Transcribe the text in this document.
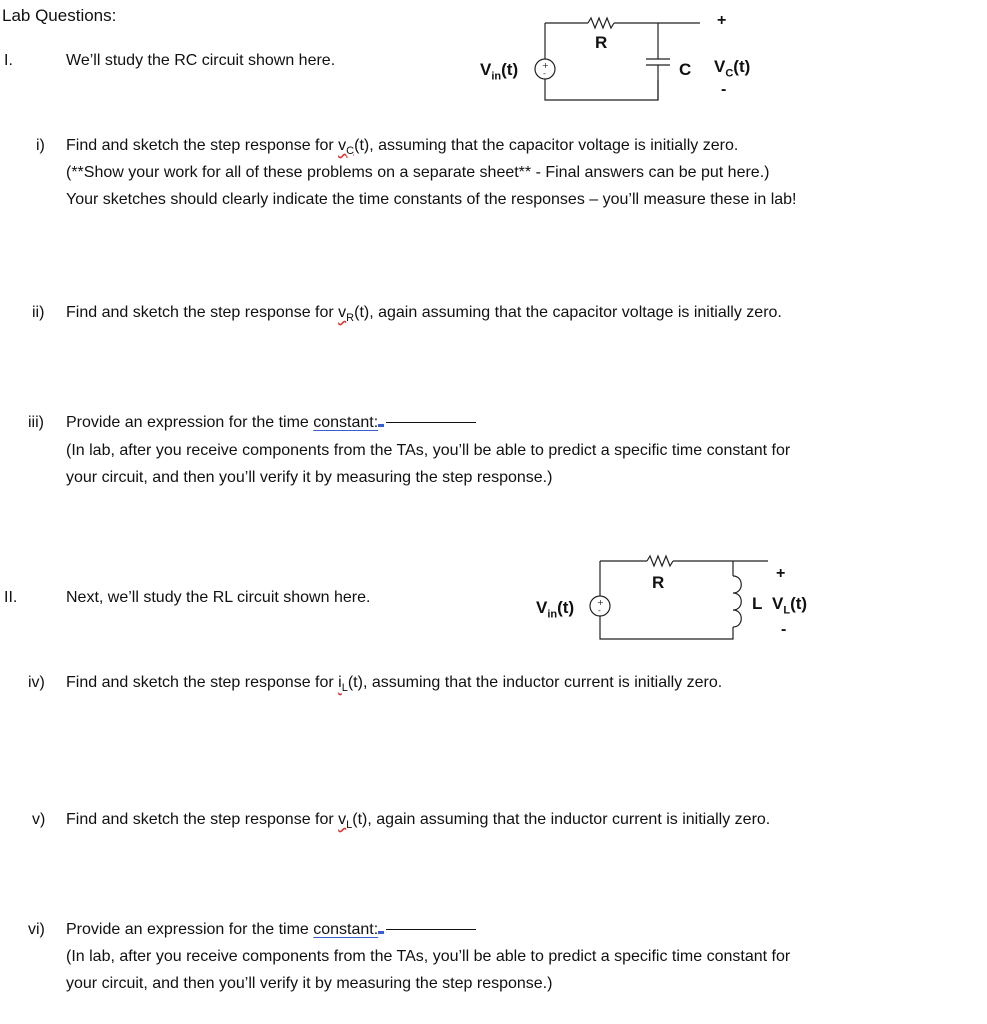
Lab Questions:
I.	We’ll study the RC circuit shown here.	+
-
$V_{in}(t)$
R
C $V_C(t)$
+
-
i) Find and sketch the step response for $v_C(t)$, assuming that the capacitor voltage is initially zero.
(**Show your work for all of these problems on a separate sheet** - Final answers can be put here.)
Your sketches should clearly indicate the time constants of the responses – you’ll measure these in lab!
ii) Find and sketch the step response for $v_R(t)$, again assuming that the capacitor voltage is initially zero.
iii) Provide an expression for the time constant:
(In lab, after you receive components from the TAs, you’ll be able to predict a specific time constant for
your circuit, and then you’ll verify it by measuring the step response.)
II.	Next, we’ll study the RL circuit shown here.	+
-
$V_{in}(t)$
R
L $V_L(t)$
+
-
iv) Find and sketch the step response for $i_L(t)$, assuming that the inductor current is initially zero.
v) Find and sketch the step response for $v_L(t)$, again assuming that the inductor current is initially zero.
vi) Provide an expression for the time constant:
(In lab, after you receive components from the TAs, you’ll be able to predict a specific time constant for
your circuit, and then you’ll verify it by measuring the step response.)
